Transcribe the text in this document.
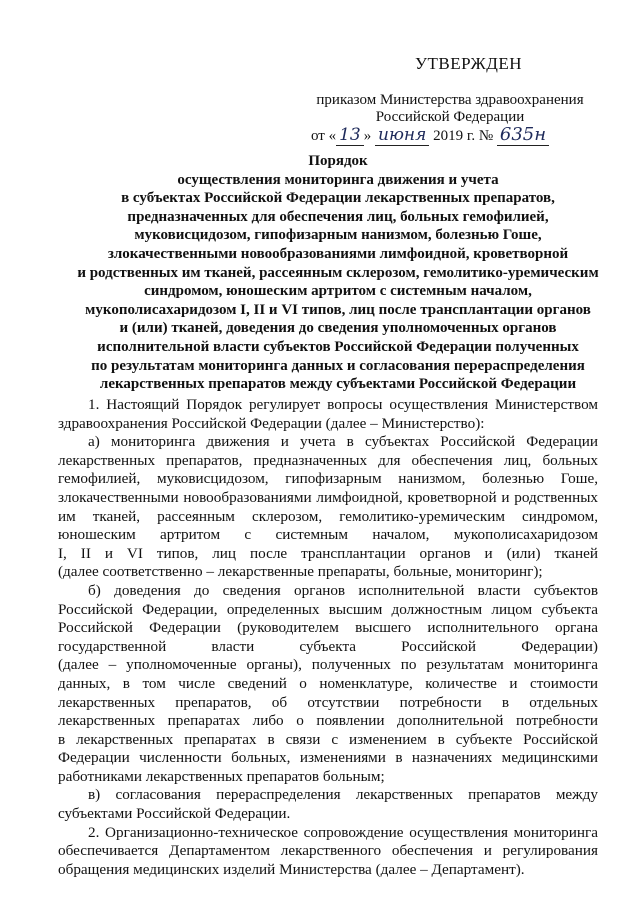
УТВЕРЖДЕН
приказом Министерства здравоохранения
Российской Федерации
от « 13 » июня 2019 г. № 635н
Порядок
осуществления мониторинга движения и учета
в субъектах Российской Федерации лекарственных препаратов,
предназначенных для обеспечения лиц, больных гемофилией,
муковисцидозом, гипофизарным нанизмом, болезнью Гоше,
злокачественными новообразованиями лимфоидной, кроветворной
и родственных им тканей, рассеянным склерозом, гемолитико-уремическим
синдромом, юношеским артритом с системным началом,
мукополисахаридозом I, II и VI типов, лиц после трансплантации органов
и (или) тканей, доведения до сведения уполномоченных органов
исполнительной власти субъектов Российской Федерации полученных
по результатам мониторинга данных и согласования перераспределения
лекарственных препаратов между субъектами Российской Федерации
1. Настоящий Порядок регулирует вопросы осуществления Министерством
здравоохранения Российской Федерации (далее – Министерство):
а) мониторинга движения и учета в субъектах Российской Федерации
лекарственных препаратов, предназначенных для обеспечения лиц, больных
гемофилией, муковисцидозом, гипофизарным нанизмом, болезнью Гоше,
злокачественными новообразованиями лимфоидной, кроветворной и родственных
им тканей, рассеянным склерозом, гемолитико-уремическим синдромом,
юношеским артритом с системным началом, мукополисахаридозом
I, II и VI типов, лиц после трансплантации органов и (или) тканей
(далее соответственно – лекарственные препараты, больные, мониторинг);
б) доведения до сведения органов исполнительной власти субъектов
Российской Федерации, определенных высшим должностным лицом субъекта
Российской Федерации (руководителем высшего исполнительного органа
государственной власти субъекта Российской Федерации)
(далее – уполномоченные органы), полученных по результатам мониторинга
данных, в том числе сведений о номенклатуре, количестве и стоимости
лекарственных препаратов, об отсутствии потребности в отдельных
лекарственных препаратах либо о появлении дополнительной потребности
в лекарственных препаратах в связи с изменением в субъекте Российской
Федерации численности больных, изменениями в назначениях медицинскими
работниками лекарственных препаратов больным;
в) согласования перераспределения лекарственных препаратов между
субъектами Российской Федерации.
2. Организационно-техническое сопровождение осуществления мониторинга
обеспечивается Департаментом лекарственного обеспечения и регулирования
обращения медицинских изделий Министерства (далее – Департамент).
